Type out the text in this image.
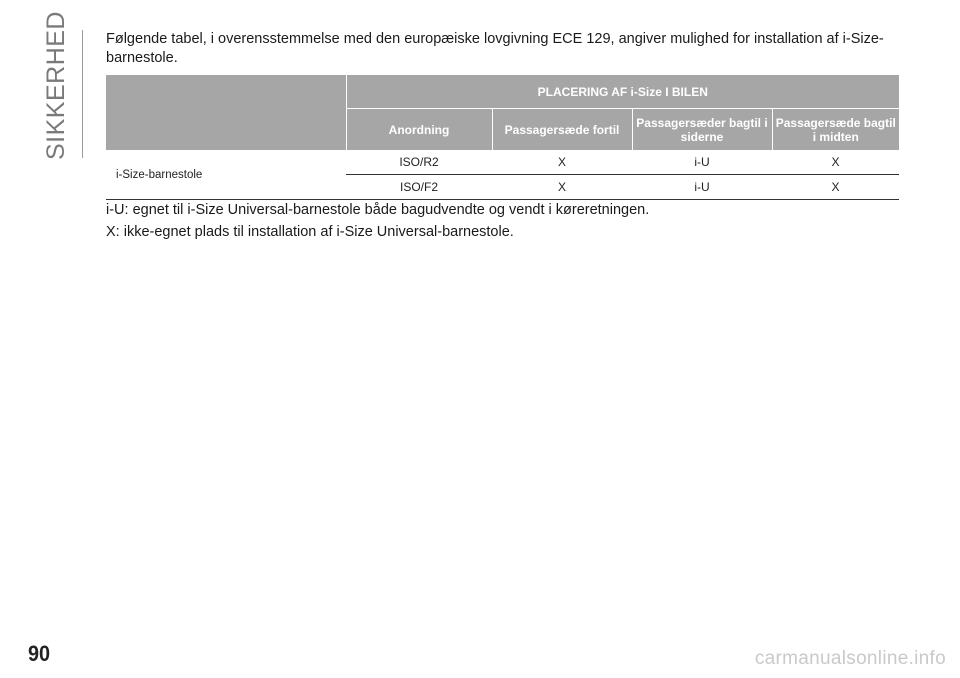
SIKKERHED Følgende tabel, i overensstemmelse med den europæiske lovgivning ECE 129, angiver mulighed for installation af i-Size-barnestole.
	PLACERING AF i-Size I BILEN			
	Anordning	Passagersæde fortil	Passagersæder bagtil i siderne	Passagersæde bagtil i midten
i-Size-barnestole	ISO/R2	X	i-U	X
	ISO/F2	X	i-U	X
i-U: egnet til i-Size Universal-barnestole både bagudvendte og vendt i køreretningen.
X: ikke-egnet plads til installation af i-Size Universal-barnestole.
90	carmanualsonline.info
